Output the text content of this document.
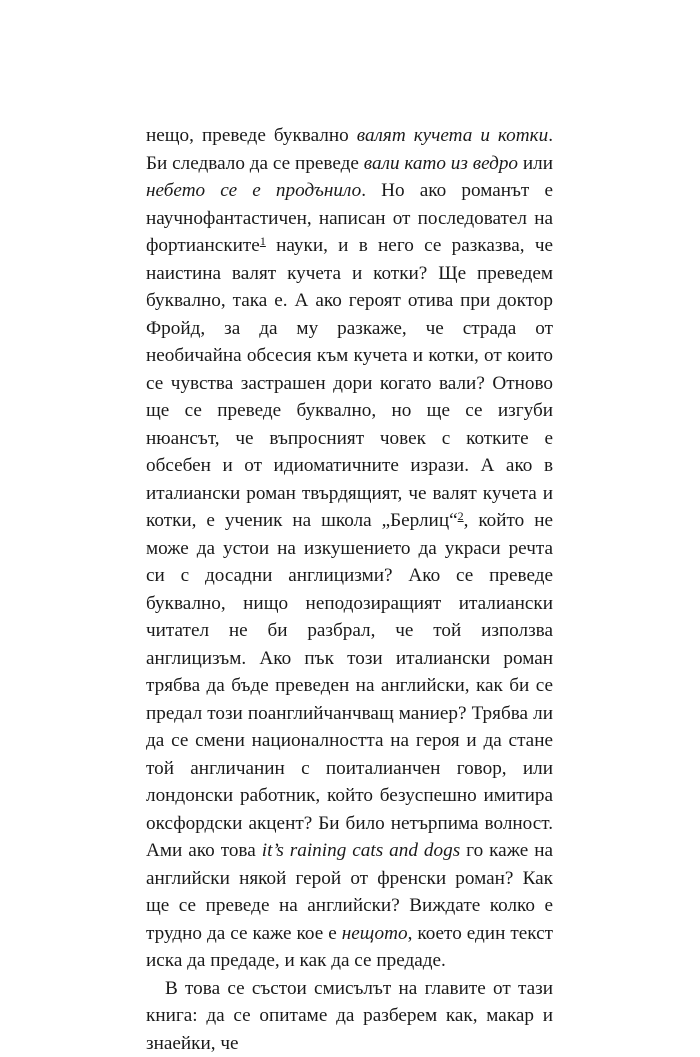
нещо, преведе буквално валят кучета и котки. Би следвало да се преведе вали като из ведро или небето се е продънило. Но ако романът е научнофантастичен, написан от последовател на фортианските$^1$ науки, и в него се разказва, че наистина валят кучета и котки? Ще преведем буквално, така е. А ако героят отива при доктор Фройд, за да му разкаже, че страда от необичайна обсесия към кучета и котки, от които се чувства застрашен дори когато вали? Отново ще се преведе буквално, но ще се изгуби нюансът, че въпросният човек с котките е обсебен и от идиоматичните изрази. А ако в италиански роман твърдящият, че валят кучета и котки, е ученик на школа „Берлиц“$^2$, който не може да устои на изкушението да украси речта си с досадни англицизми? Ако се преведе буквално, нищо неподозиращият италиански читател не би разбрал, че той използва англицизъм. Ако пък този италиански роман трябва да бъде преведен на английски, как би се предал този поанглийчанчващ маниер? Трябва ли да се смени националността на героя и да стане той англичанин с поиталианчен говор, или лондонски работник, който безуспешно имитира оксфордски акцент? Би било нетърпима волност. Ами ако това it’s raining cats and dogs го каже на английски някой герой от френски роман? Как ще се преведе на английски? Виждате колко е трудно да се каже кое е нещото, което един текст иска да предаде, и как да се предаде.

В това се състои смисълът на главите от тази книга: да се опитаме да разберем как, макар и знаейки, че
